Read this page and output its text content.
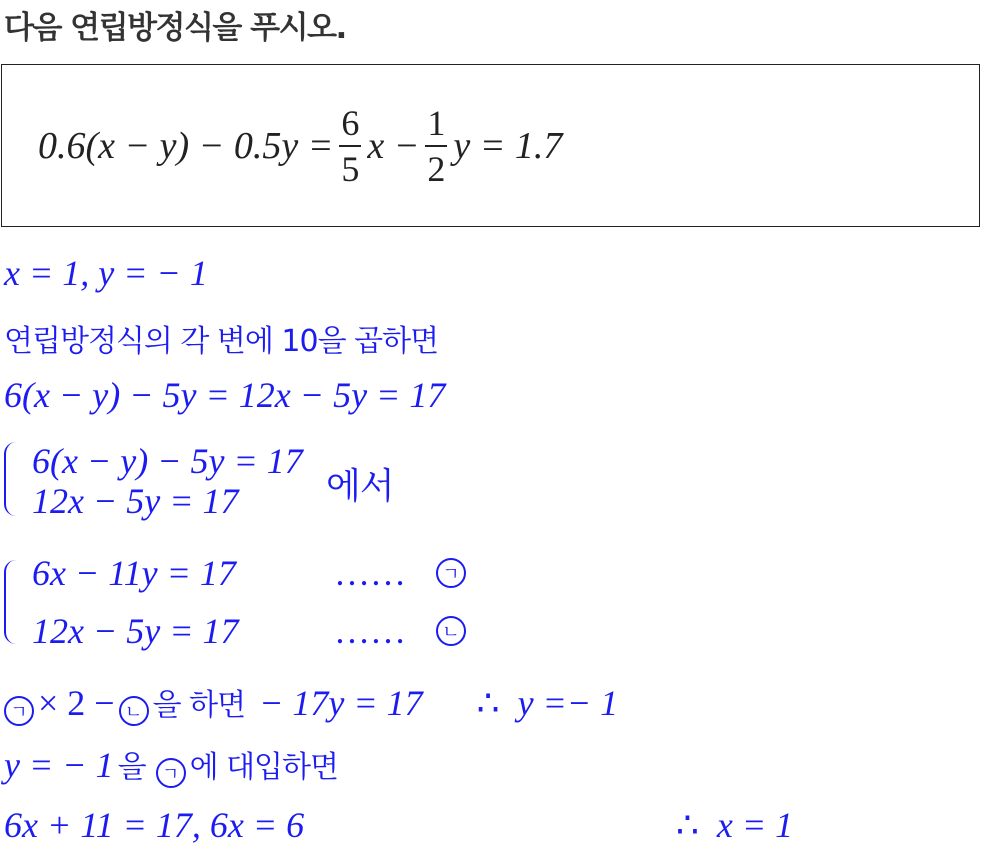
다음 연립방정식을 푸시오.
$0.6(x - y) - 0.5y = \frac{6}{5}$ $x - \frac{1}{2}$ y = 1.7
x = 1, y = − 1
연립방정식의 각 변에 10을 곱하면
6(x − y) − 5y = 12x − 5y = 17
6(x − y) − 5y = 17
12x − 5y = 17 에서
6x − 11y = 17	……	ㄱ
12x − 5y = 17	……	ㄴ
ㄱ × 2 − ㄴ 을 하면 − 17y = 17 ∴ y =− 1
y = − 1 을 ㄱ 에 대입하면
6x + 11 = 17, 6x = 6	∴ x = 1
